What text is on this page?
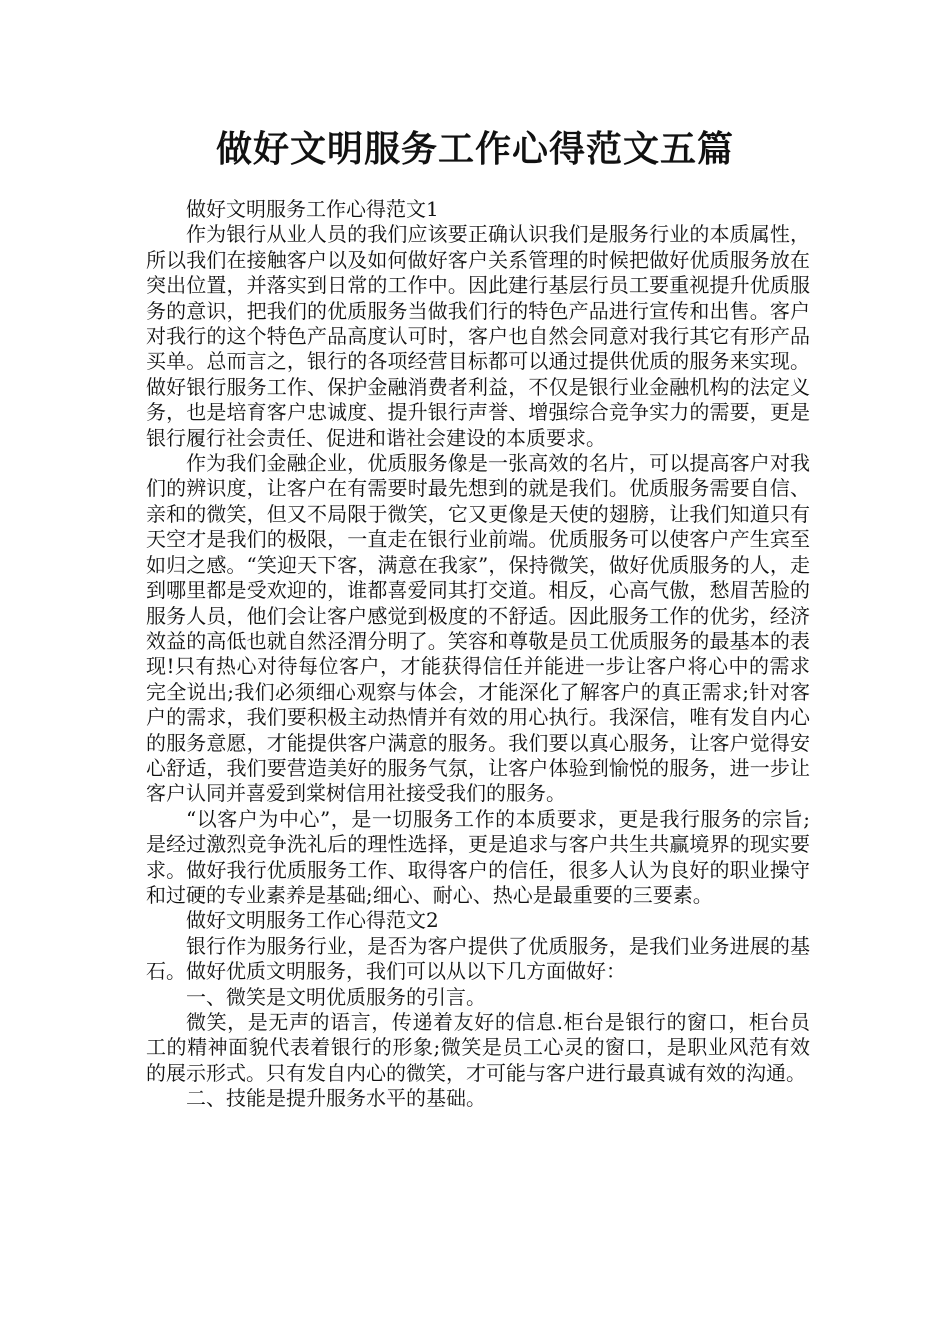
做好文明服务工作心得范文五篇

做好文明服务工作心得范文1

作为银行从业人员的我们应该要正确认识我们是服务行业的本质属性，所以我们在接触客户以及如何做好客户关系管理的时候把做好优质服务放在突出位置，并落实到日常的工作中。因此建行基层行员工要重视提升优质服务的意识，把我们的优质服务当做我们行的特色产品进行宣传和出售。客户对我行的这个特色产品高度认可时，客户也自然会同意对我行其它有形产品买单。总而言之，银行的各项经营目标都可以通过提供优质的服务来实现。做好银行服务工作、保护金融消费者利益，不仅是银行业金融机构的法定义务，也是培育客户忠诚度、提升银行声誉、增强综合竞争实力的需要，更是银行履行社会责任、促进和谐社会建设的本质要求。

作为我们金融企业，优质服务像是一张高效的名片，可以提高客户对我们的辨识度，让客户在有需要时最先想到的就是我们。优质服务需要自信、亲和的微笑，但又不局限于微笑，它又更像是天使的翅膀，让我们知道只有天空才是我们的极限，一直走在银行业前端。优质服务可以使客户产生宾至如归之感。“笑迎天下客，满意在我家”，保持微笑，做好优质服务的人，走到哪里都是受欢迎的，谁都喜爱同其打交道。相反，心高气傲，愁眉苦脸的服务人员，他们会让客户感觉到极度的不舒适。因此服务工作的优劣，经济效益的高低也就自然泾渭分明了。笑容和尊敬是员工优质服务的最基本的表现!只有热心对待每位客户，才能获得信任并能进一步让客户将心中的需求完全说出;我们必须细心观察与体会，才能深化了解客户的真正需求;针对客户的需求，我们要积极主动热情并有效的用心执行。我深信，唯有发自内心的服务意愿，才能提供客户满意的服务。我们要以真心服务，让客户觉得安心舒适，我们要营造美好的服务气氛，让客户体验到愉悦的服务，进一步让客户认同并喜爱到棠树信用社接受我们的服务。

“以客户为中心”，是一切服务工作的本质要求，更是我行服务的宗旨;是经过激烈竞争洗礼后的理性选择，更是追求与客户共生共赢境界的现实要求。做好我行优质服务工作、取得客户的信任，很多人认为良好的职业操守和过硬的专业素养是基础;细心、耐心、热心是最重要的三要素。

做好文明服务工作心得范文2

银行作为服务行业，是否为客户提供了优质服务，是我们业务进展的基石。做好优质文明服务，我们可以从以下几方面做好：

一、微笑是文明优质服务的引言。

微笑，是无声的语言，传递着友好的信息.柜台是银行的窗口，柜台员工的精神面貌代表着银行的形象;微笑是员工心灵的窗口，是职业风范有效的展示形式。只有发自内心的微笑，才可能与客户进行最真诚有效的沟通。

二、技能是提升服务水平的基础。
